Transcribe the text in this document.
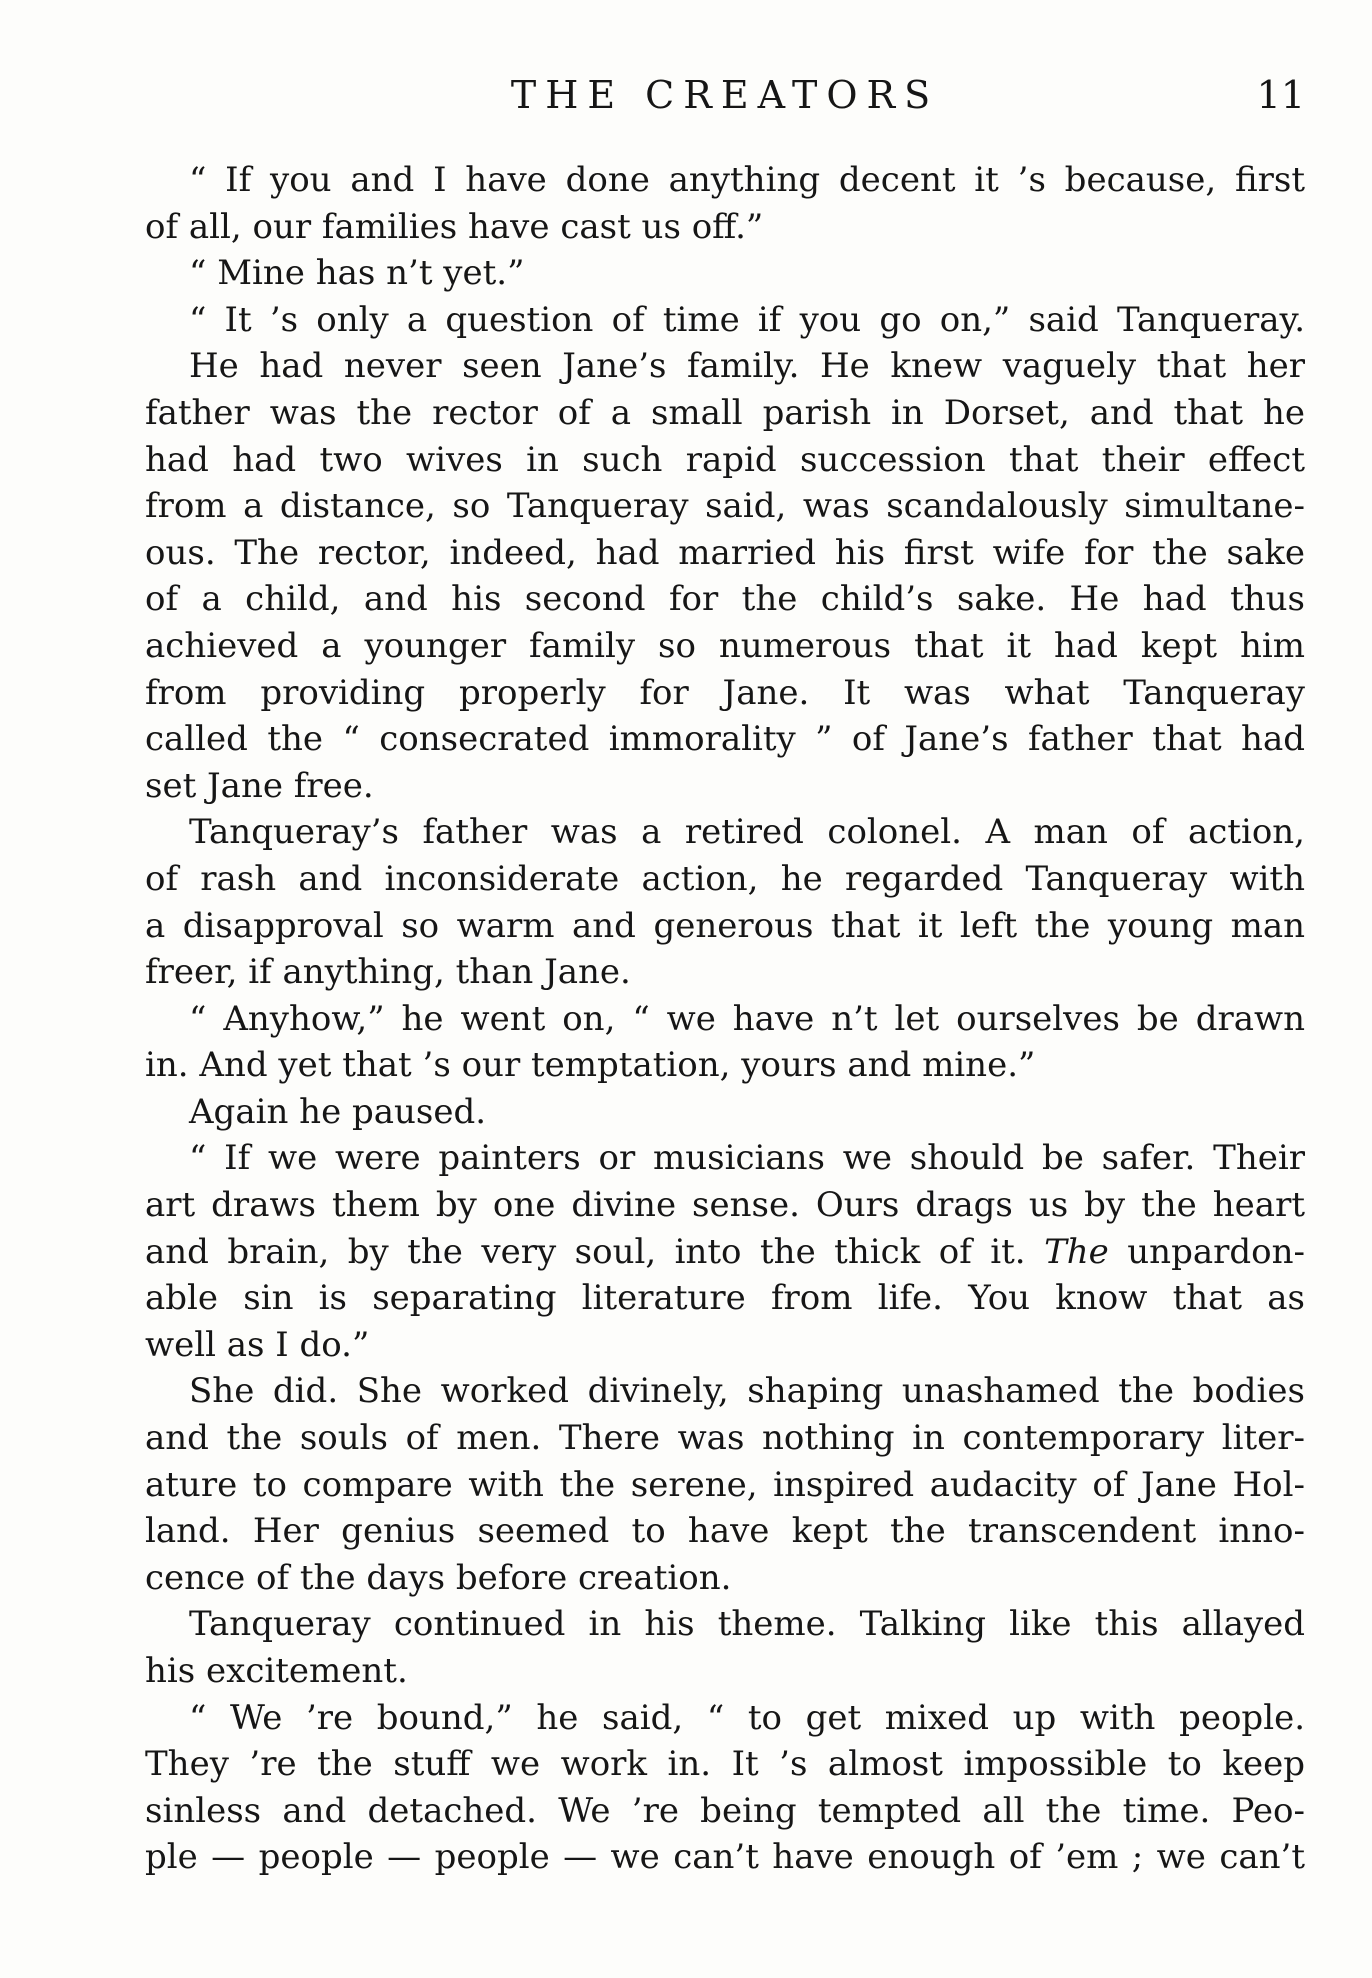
THE CREATORS	11
“ If you and I have done anything decent it ’s because, first
of all, our families have cast us off.”
“ Mine has n’t yet.”
“ It ’s only a question of time if you go on,” said Tanqueray.
He had never seen Jane’s family. He knew vaguely that her
father was the rector of a small parish in Dorset, and that he
had had two wives in such rapid succession that their effect
from a distance, so Tanqueray said, was scandalously simultane-
ous. The rector, indeed, had married his first wife for the sake
of a child, and his second for the child’s sake. He had thus
achieved a younger family so numerous that it had kept him
from providing properly for Jane. It was what Tanqueray
called the “ consecrated immorality ” of Jane’s father that had
set Jane free.
Tanqueray’s father was a retired colonel. A man of action,
of rash and inconsiderate action, he regarded Tanqueray with
a disapproval so warm and generous that it left the young man
freer, if anything, than Jane.
“ Anyhow,” he went on, “ we have n’t let ourselves be drawn
in. And yet that ’s our temptation, yours and mine.”
Again he paused.
“ If we were painters or musicians we should be safer. Their
art draws them by one divine sense. Ours drags us by the heart
and brain, by the very soul, into the thick of it. The unpardon-
able sin is separating literature from life. You know that as
well as I do.”
She did. She worked divinely, shaping unashamed the bodies
and the souls of men. There was nothing in contemporary liter-
ature to compare with the serene, inspired audacity of Jane Hol-
land. Her genius seemed to have kept the transcendent inno-
cence of the days before creation.
Tanqueray continued in his theme. Talking like this allayed
his excitement.
“ We ’re bound,” he said, “ to get mixed up with people.
They ’re the stuff we work in. It ’s almost impossible to keep
sinless and detached. We ’re being tempted all the time. Peo-
ple — people — people — we can’t have enough of ’em ; we can’t
